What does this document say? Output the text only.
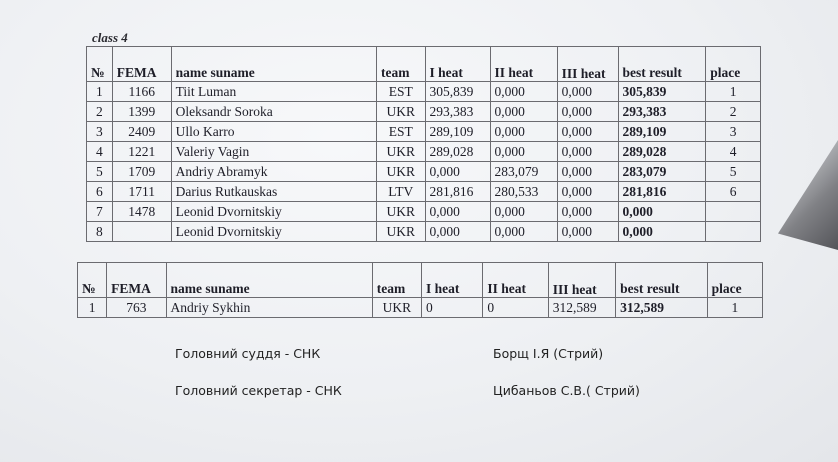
class 4
№	FEMA	name suname	team	I heat	II heat	III heat	best result	place
1	1166	Tiit Luman	EST	305,839	0,000	0,000	305,839	1
2	1399	Oleksandr Soroka	UKR	293,383	0,000	0,000	293,383	2
3	2409	Ullo Karro	EST	289,109	0,000	0,000	289,109	3
4	1221	Valeriy Vagin	UKR	289,028	0,000	0,000	289,028	4
5	1709	Andriy Abramyk	UKR	0,000	283,079	0,000	283,079	5
6	1711	Darius Rutkauskas	LTV	281,816	280,533	0,000	281,816	6
7	1478	Leonid Dvornitskiy	UKR	0,000	0,000	0,000	0,000	
8		Leonid Dvornitskiy	UKR	0,000	0,000	0,000	0,000	
№	FEMA	name suname	team	I heat	II heat	III heat	best result	place
1	763	Andriy Sykhin	UKR	0	0	312,589	312,589	1
Головний суддя - СНК	Борщ І.Я (Стрий)
Головний секретар - СНК	Цибаньов С.В.( Стрий)
